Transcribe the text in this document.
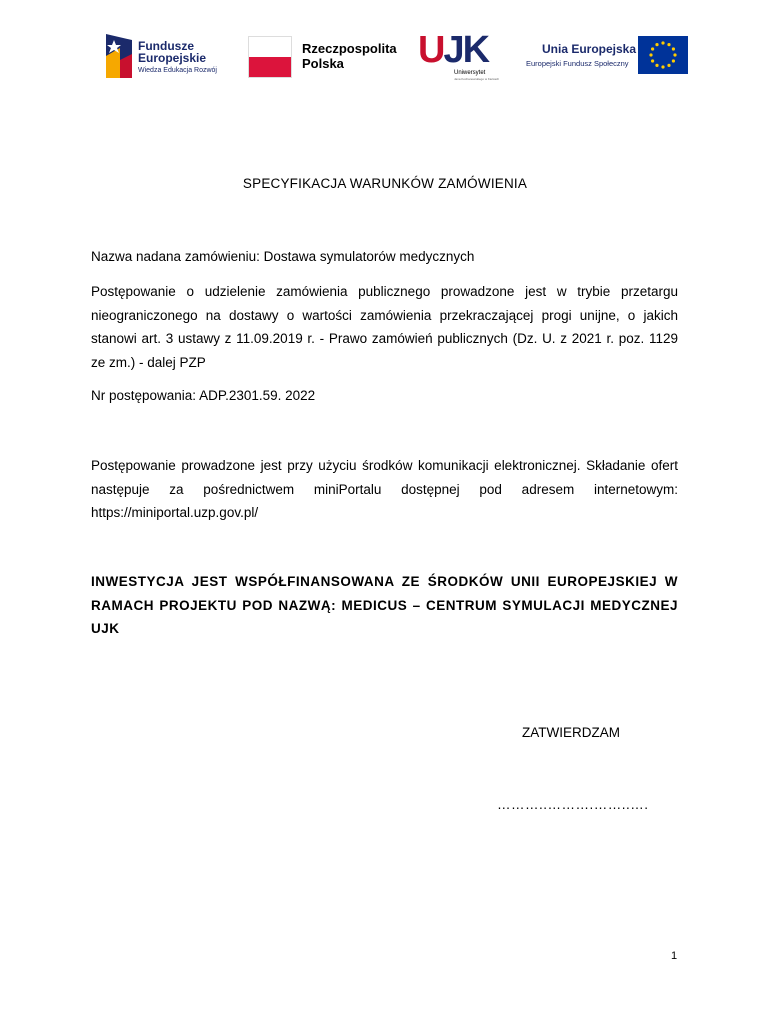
Fundusze
Europejskie
Wiedza Edukacja Rozwój
Rzeczpospolita
Polska UJK
Uniwersytet
Jana Kochanowskiego w Kielcach
Unia Europejska
Europejski Fundusz Społeczny
SPECYFIKACJA WARUNKÓW ZAMÓWIENIA

Nazwa nadana zamówieniu: Dostawa symulatorów medycznych

Postępowanie o udzielenie zamówienia publicznego prowadzone jest w trybie przetargu nieograniczonego na dostawy o wartości zamówienia przekraczającej progi unijne, o jakich stanowi art. 3 ustawy z 11.09.2019 r. - Prawo zamówień publicznych (Dz. U. z 2021 r. poz. 1129 ze zm.) - dalej PZP

Nr postępowania: ADP.2301.59. 2022

Postępowanie prowadzone jest przy użyciu środków komunikacji elektronicznej. Składanie ofert następuje za pośrednictwem miniPortalu dostępnej pod adresem internetowym: https://miniportal.uzp.gov.pl/

INWESTYCJA JEST WSPÓŁFINANSOWANA ZE ŚRODKÓW UNII EUROPEJSKIEJ W RAMACH PROJEKTU POD NAZWĄ: MEDICUS – CENTRUM SYMULACJI MEDYCZNEJ UJK

ZATWIERDZAM
………..……….……..….
1
